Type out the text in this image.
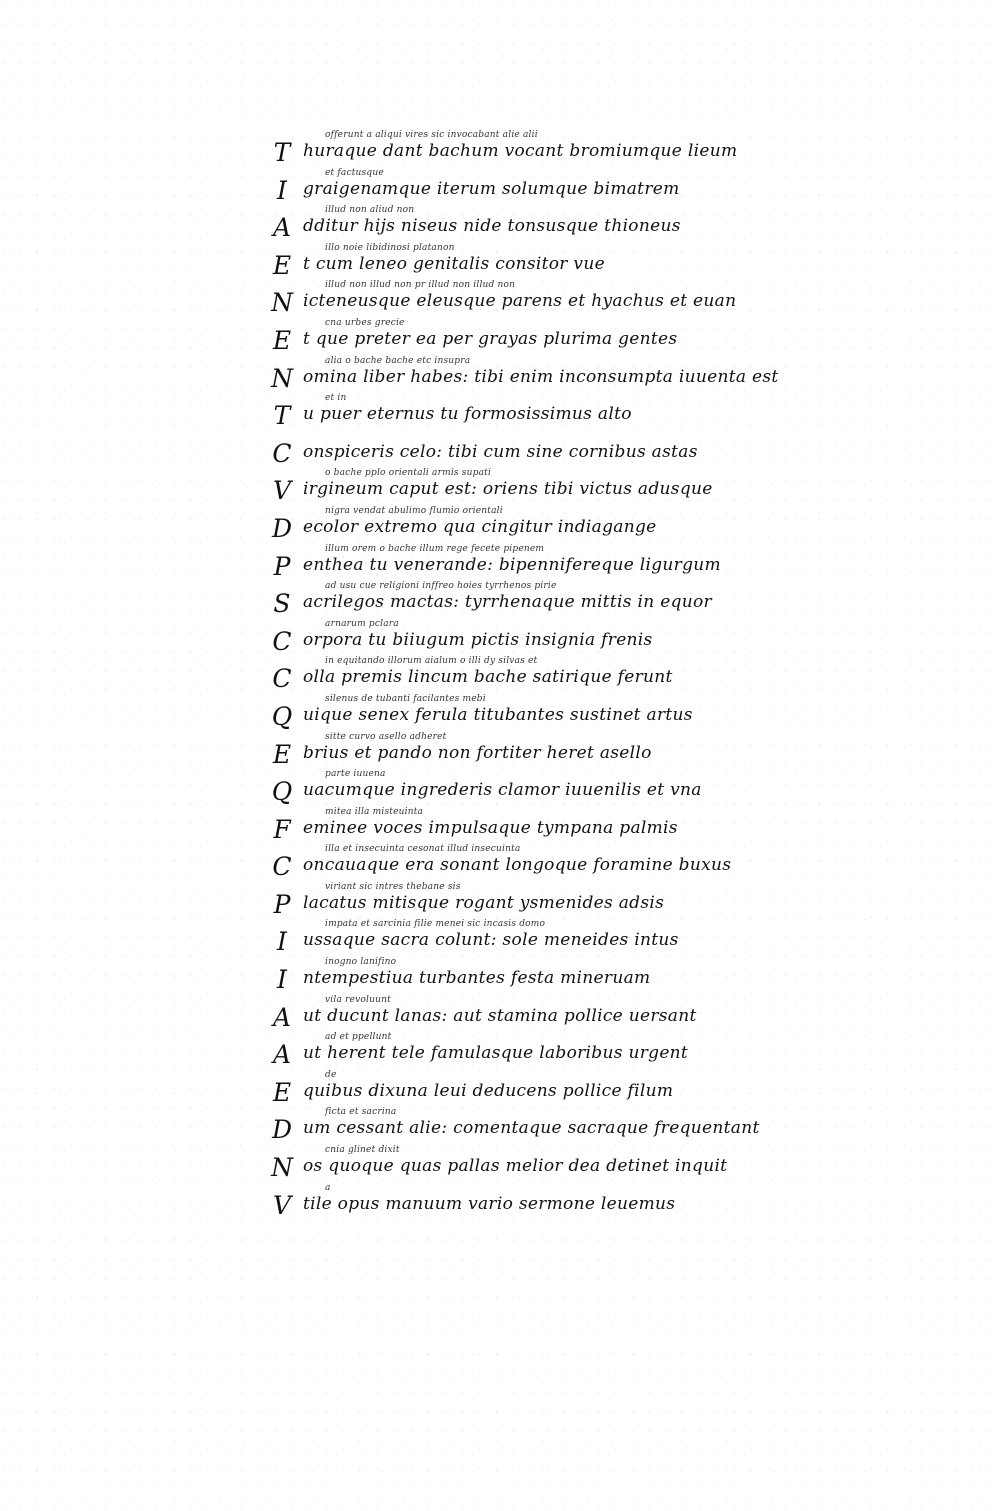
offerunt a aliqui vires sic invocabant alie alii
T huraque dant bachum vocant bromiumque lieum
et factusque
I graigenamque iterum solumque bimatrem
illud non aliud non
A dditur hijs niseus nide tonsusque thioneus
illo noie libidinosi platanon
E t cum leneo genitalis consitor vue
illud non illud non pr illud non illud non
N icteneusque eleusque parens et hyachus et euan
cna urbes grecie
E t que preter ea per grayas plurima gentes
alia o bache bache etc insupra
N omina liber habes: tibi enim inconsumpta iuuenta est
et in
T u puer eternus tu formosissimus alto
C onspiceris celo: tibi cum sine cornibus astas
o bache pplo orientali armis supati
V irgineum caput est: oriens tibi victus adusque
nigra vendat abulimo flumio orientali
D ecolor extremo qua cingitur indiagange
illum orem o bache illum rege fecete pipenem
P enthea tu venerande: bipennifereque ligurgum
ad usu cue religioni inffreo hoies tyrrhenos pirie
S acrilegos mactas: tyrrhenaque mittis in equor
arnarum pclara
C orpora tu biiugum pictis insignia frenis
in equitando illorum aialum o illi dy silvas et
C olla premis lincum bache satirique ferunt
silenus de tubanti facilantes mebi
Q uique senex ferula titubantes sustinet artus
sitte curvo asello adheret
E brius et pando non fortiter heret asello
parte iuuena
Q uacumque ingrederis clamor iuuenilis et vna
mitea illa misteuinta
F eminee voces impulsaque tympana palmis
illa et insecuinta cesonat illud insecuinta
C oncauaque era sonant longoque foramine buxus
viriant sic intres thebane sis
P lacatus mitisque rogant ysmenides adsis
impata et sarcinia filie menei sic incasis domo
I ussaque sacra colunt: sole meneides intus
inogno lanifino
I ntempestiua turbantes festa mineruam
vila revoluunt
A ut ducunt lanas: aut stamina pollice uersant
ad et ppellunt
A ut herent tele famulasque laboribus urgent
de
E quibus dixuna leui deducens pollice filum
ficta et sacrina
D um cessant alie: comentaque sacraque frequentant
cnia glinet dixit
N os quoque quas pallas melior dea detinet inquit
a
V tile opus manuum vario sermone leuemus
